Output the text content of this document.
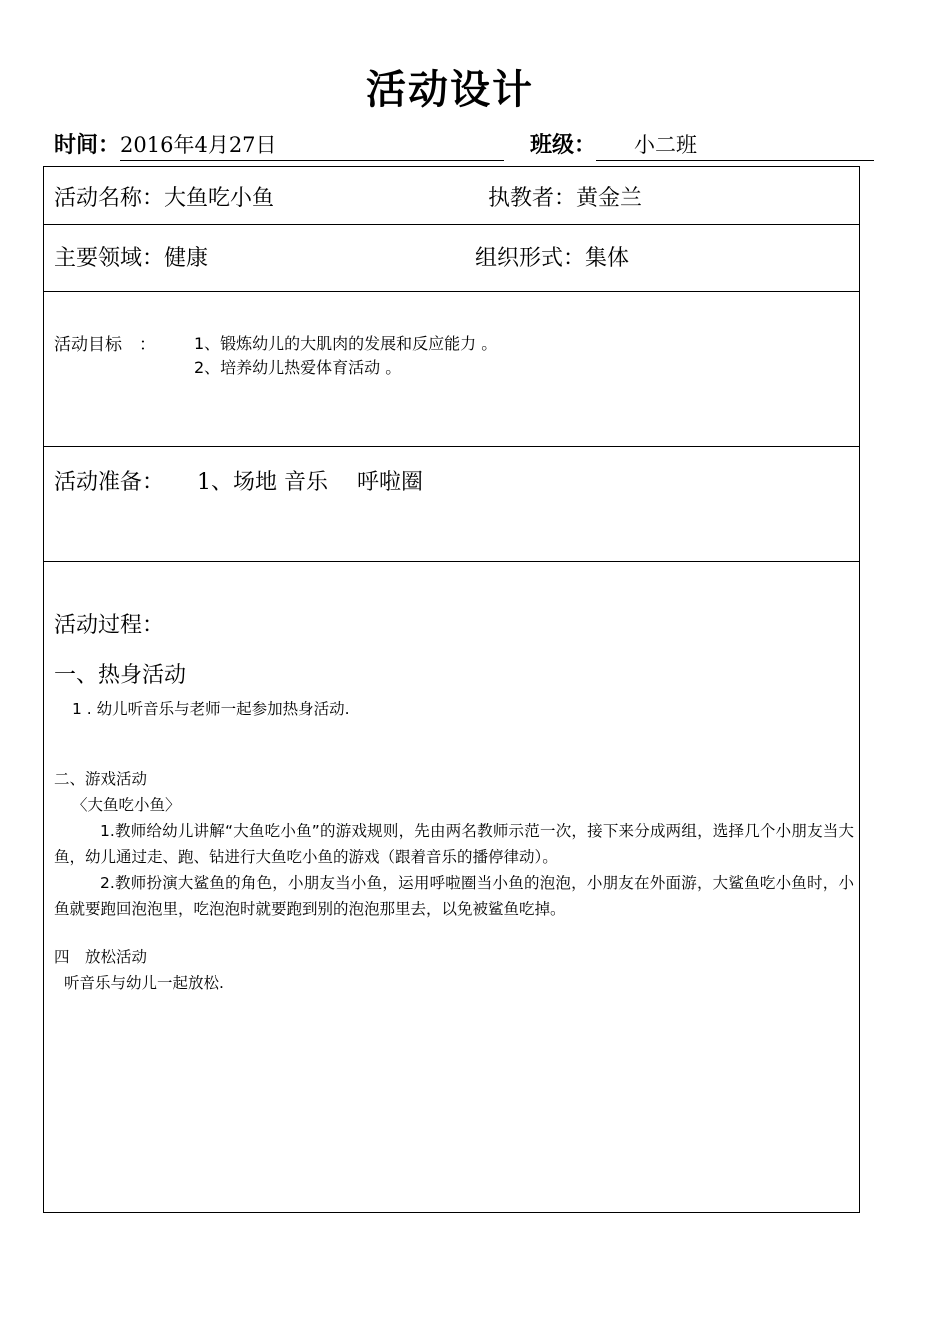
活动设计
时间：2016年4月27日	班级： 小二班
活动名称：大鱼吃小鱼	执教者：黄金兰
主要领域：健康	组织形式：集体
活动目标　：	1、锻炼幼儿的大肌肉的发展和反应能力 。
2、培养幼儿热爱体育活动 。
活动准备：　　1、场地 音乐　 呼啦圈
活动过程：
一、热身活动
1 . 幼儿听音乐与老师一起参加热身活动.
二、游戏活动
〈大鱼吃小鱼〉
1.教师给幼儿讲解“大鱼吃小鱼”的游戏规则，先由两名教师示范一次，接下来分成两组，选择几个小朋友当大鱼，幼儿通过走、跑、钻进行大鱼吃小鱼的游戏（跟着音乐的播停律动）。
2.教师扮演大鲨鱼的角色，小朋友当小鱼，运用呼啦圈当小鱼的泡泡，小朋友在外面游，大鲨鱼吃小鱼时，小鱼就要跑回泡泡里，吃泡泡时就要跑到别的泡泡那里去，以免被鲨鱼吃掉。
四　放松活动
听音乐与幼儿一起放松.
